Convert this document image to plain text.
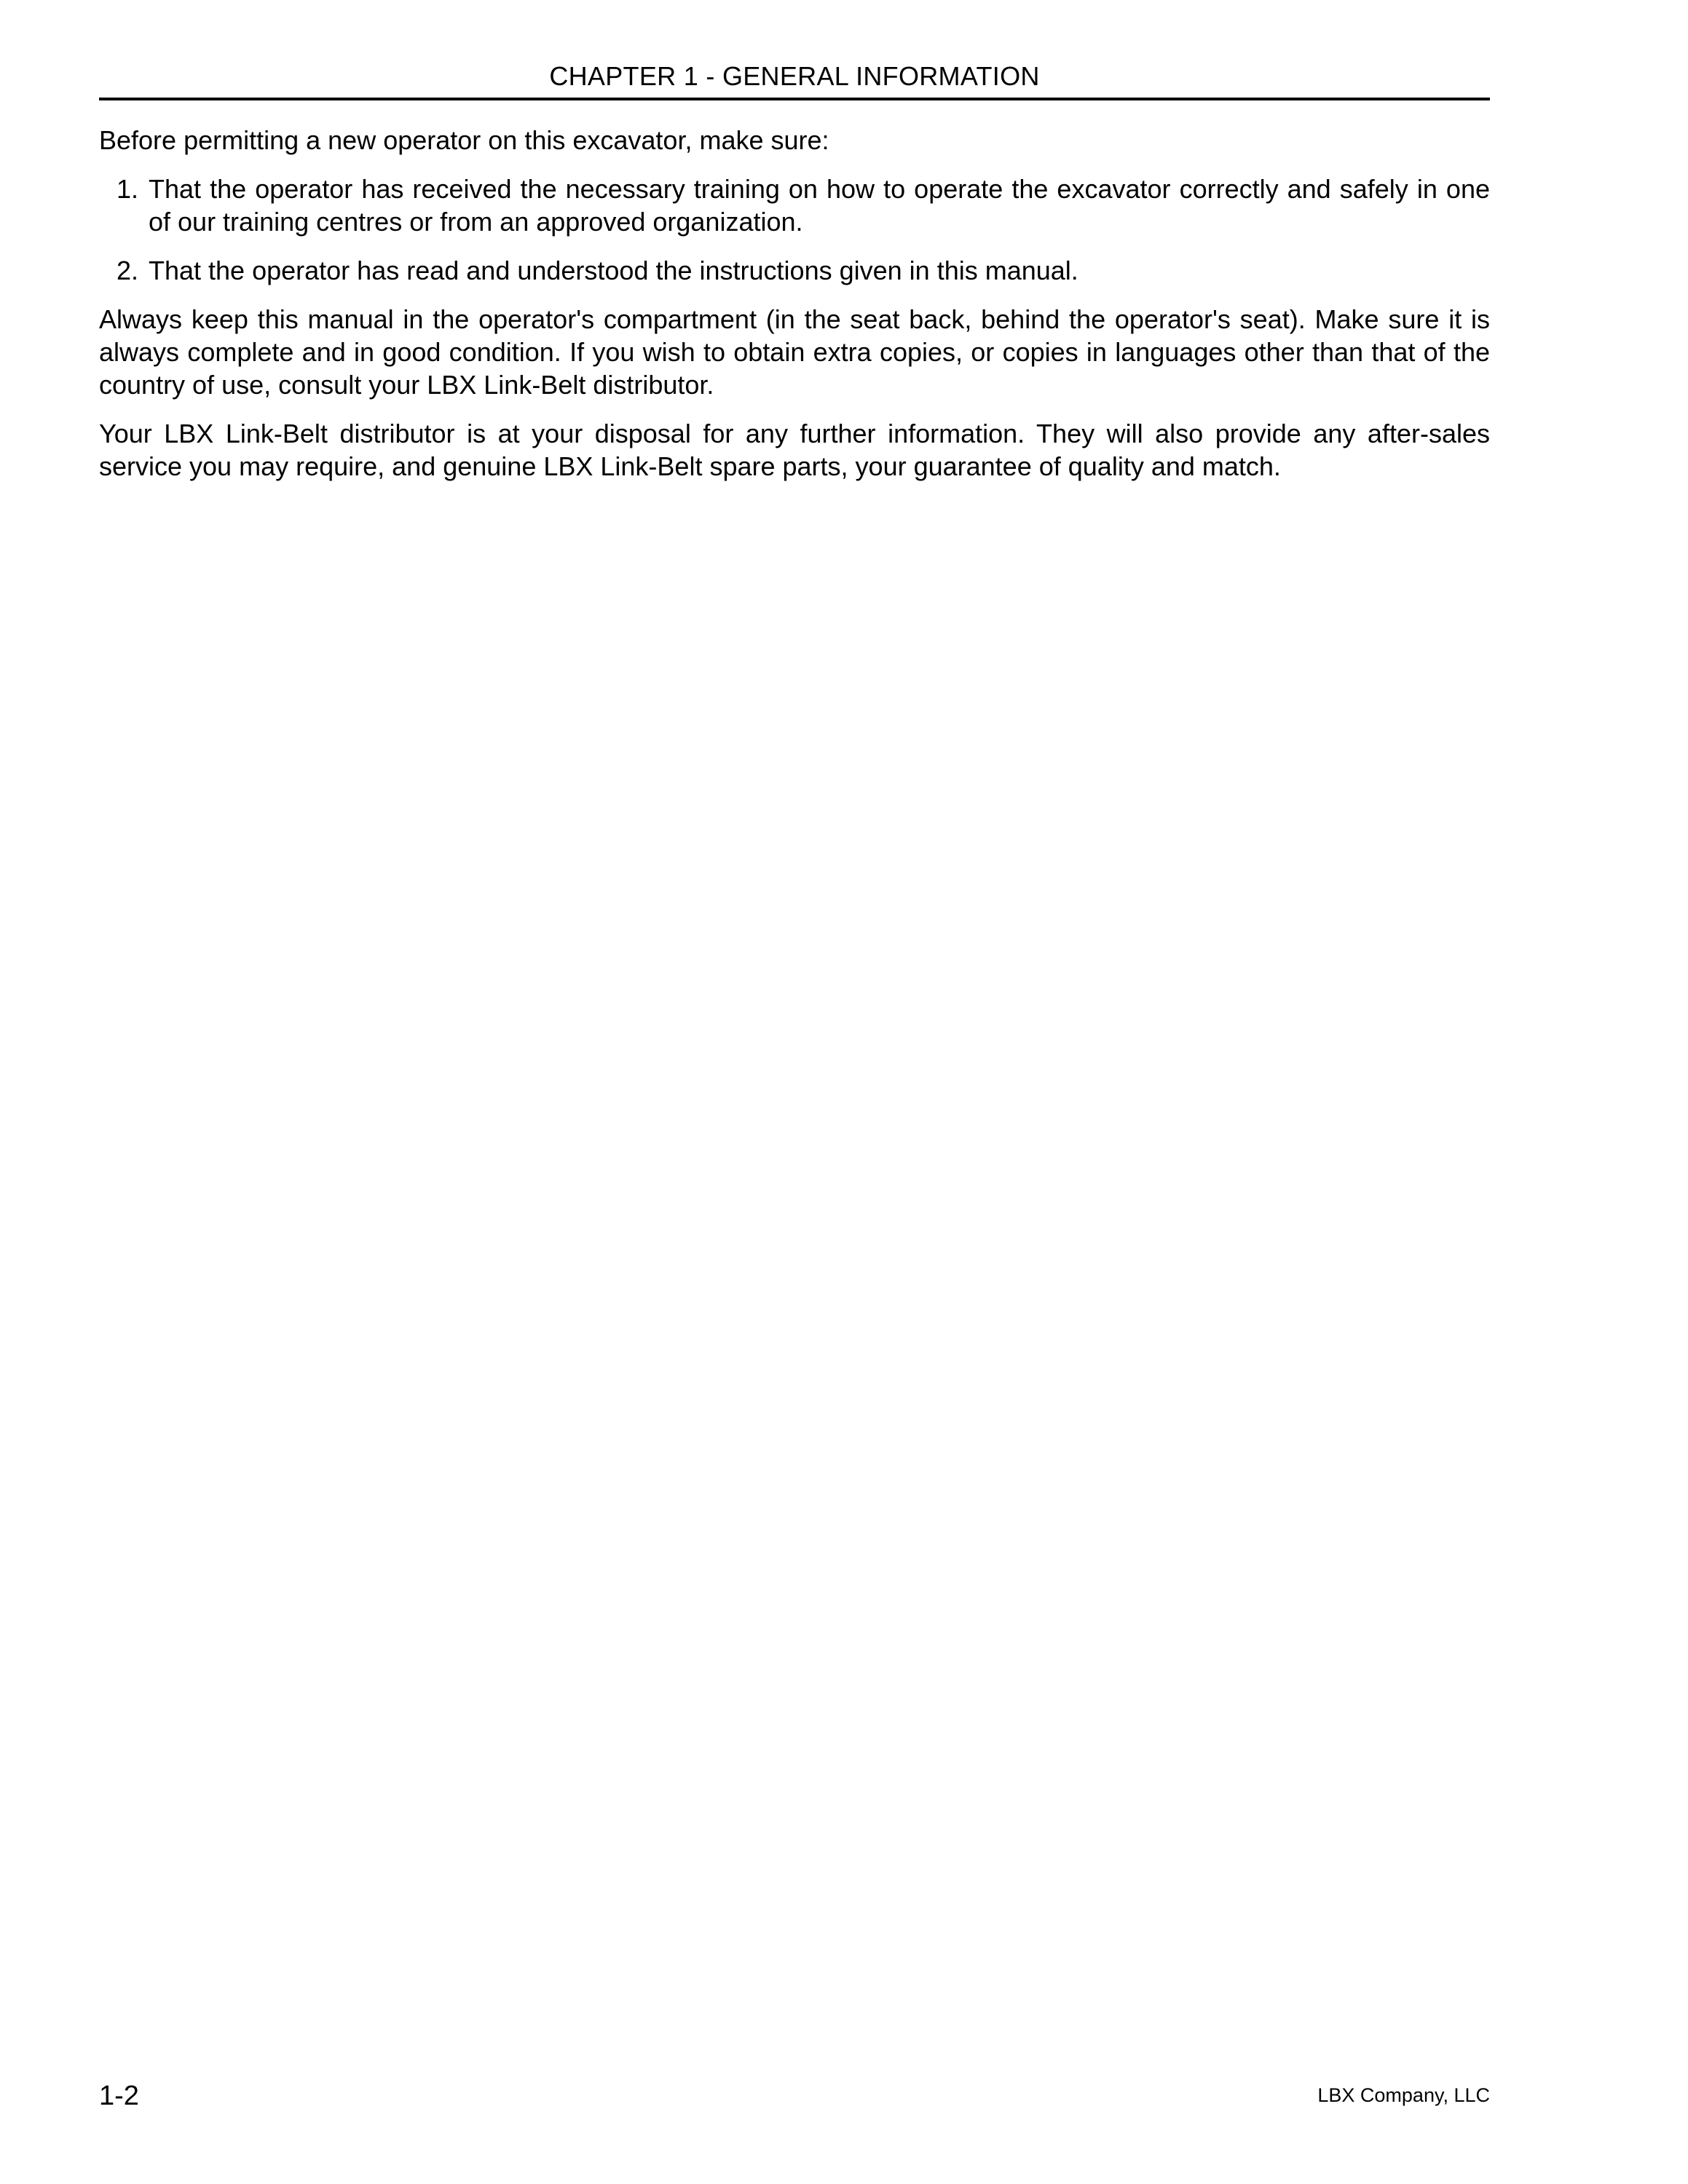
CHAPTER 1 - GENERAL INFORMATION

Before permitting a new operator on this excavator, make sure:

1. That the operator has received the necessary training on how to operate the excavator correctly and safely in one of our training centres or from an approved organization.
2. That the operator has read and understood the instructions given in this manual.

Always keep this manual in the operator's compartment (in the seat back, behind the operator's seat). Make sure it is always complete and in good condition. If you wish to obtain extra copies, or copies in languages other than that of the country of use, consult your LBX Link-Belt distributor.

Your LBX Link-Belt distributor is at your disposal for any further information. They will also provide any after-sales service you may require, and genuine LBX Link-Belt spare parts, your guarantee of quality and match.

1-2	LBX Company, LLC
